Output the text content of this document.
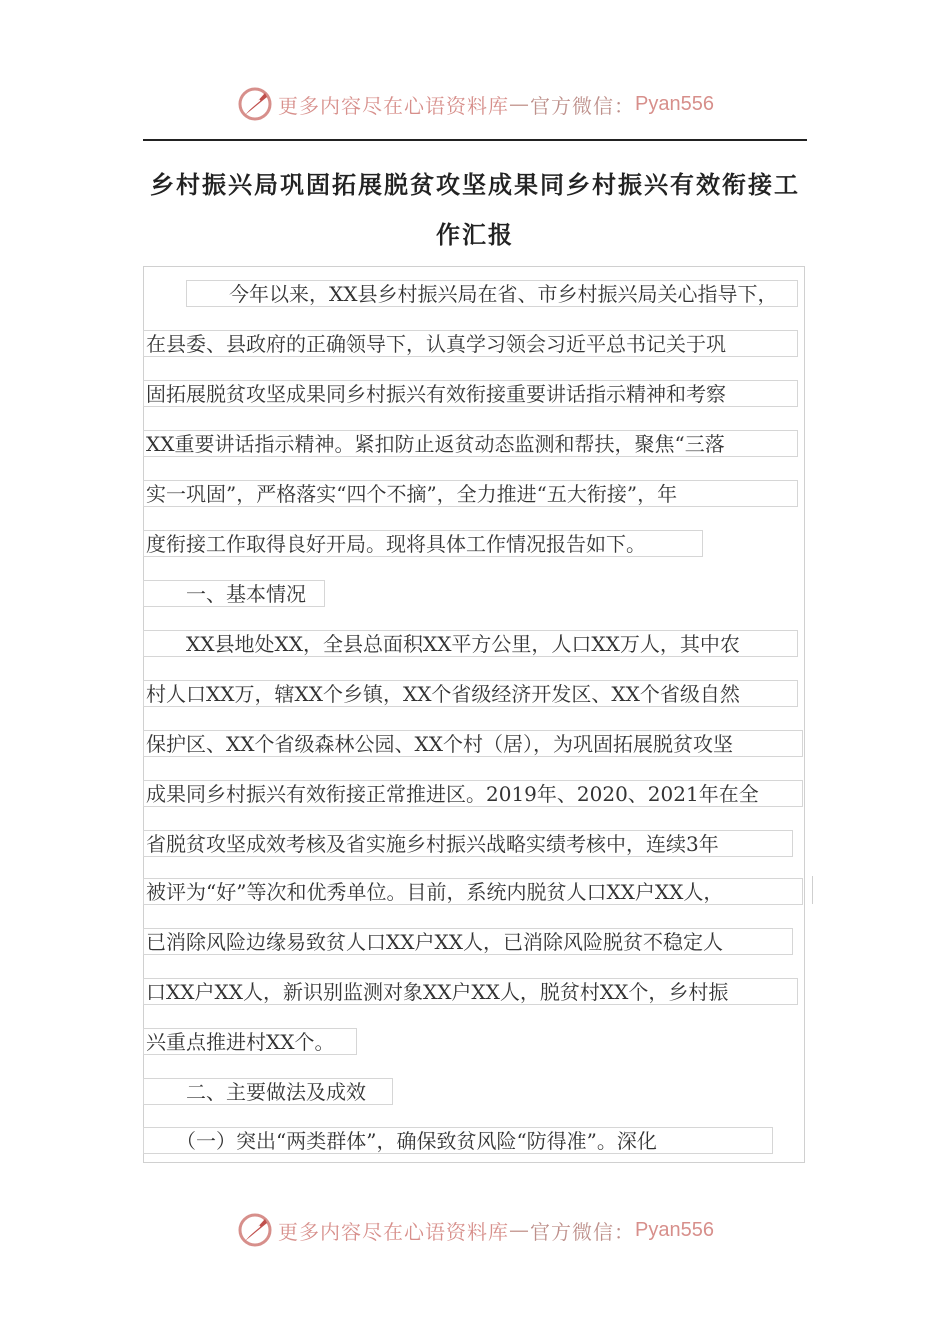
更多内容尽在心语资料库 — 官方微信： Pyan556
乡村振兴局巩固拓展脱贫攻坚成果同乡村振兴有效衔接工
作汇报
　　今年以来，XX县乡村振兴局在省、市乡村振兴局关心指导下，
在县委、县政府的正确领导下，认真学习领会习近平总书记关于巩
固拓展脱贫攻坚成果同乡村振兴有效衔接重要讲话指示精神和考察
XX重要讲话指示精神。紧扣防止返贫动态监测和帮扶，聚焦“三落
实一巩固”，严格落实“四个不摘”，全力推进“五大衔接”，年
度衔接工作取得良好开局。现将具体工作情况报告如下。
　　一、基本情况
　　XX县地处XX，全县总面积XX平方公里，人口XX万人，其中农
村人口XX万，辖XX个乡镇，XX个省级经济开发区、XX个省级自然
保护区、XX个省级森林公园、XX个村（居），为巩固拓展脱贫攻坚
成果同乡村振兴有效衔接正常推进区。2019年、2020、2021年在全
省脱贫攻坚成效考核及省实施乡村振兴战略实绩考核中，连续3年
被评为“好”等次和优秀单位。目前，系统内脱贫人口XX户XX人，
已消除风险边缘易致贫人口XX户XX人，已消除风险脱贫不稳定人
口XX户XX人，新识别监测对象XX户XX人，脱贫村XX个，乡村振
兴重点推进村XX个。
　　二、主要做法及成效
　　（一）突出“两类群体”，确保致贫风险“防得准”。深化
更多内容尽在心语资料库 — 官方微信： Pyan556
